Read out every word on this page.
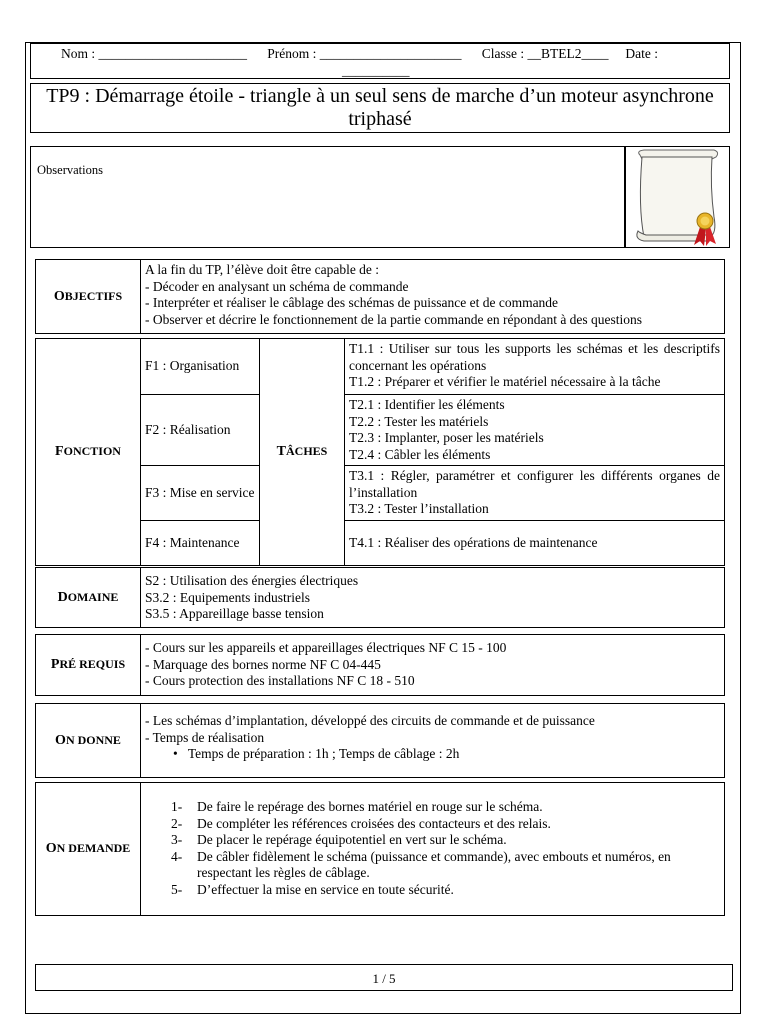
Nom : ______________________ Prénom : _____________________ Classe : __BTEL2____ Date :
__________
TP9 : Démarrage étoile - triangle à un seul sens de marche d’un moteur asynchrone triphasé
Observations
OBJECTIFS	
A la fin du TP, l’élève doit être capable de :
- Décoder en analysant un schéma de commande
- Interpréter et réaliser le câblage des schémas de puissance et de commande
- Observer et décrire le fonctionnement de la partie commande en répondant à des questions
FONCTION	F1 : Organisation	TÂCHES	T1.1 : Utiliser sur tous les supports les schémas et les descriptifs concernant les opérations
T1.2 : Préparer et vérifier le matériel nécessaire à la tâche

	F2 : Réalisation		T2.1 : Identifier les éléments
T2.2 : Tester les matériels
T2.3 : Implanter, poser les matériels
T2.4 : Câbler les éléments

	F3 : Mise en service		T3.1 : Régler, paramétrer et configurer les différents organes de l’installation
T3.2 : Tester l’installation

	F4 : Maintenance		T4.1 : Réaliser des opérations de maintenance
DOMAINE	
S2 : Utilisation des énergies électriques
S3.2 : Equipements industriels
S3.5 : Appareillage basse tension
PRÉ REQUIS	
- Cours sur les appareils et appareillages électriques NF C 15 - 100
- Marquage des bornes norme NF C 04-445
- Cours protection des installations NF C 18 - 510
ON DONNE	
- Les schémas d’implantation, développé des circuits de commande et de puissance
- Temps de réalisation
• Temps de préparation : 1h ; Temps de câblage : 2h
ON DEMANDE	
1-	De faire le repérage des bornes matériel en rouge sur le schéma.
2-	De compléter les références croisées des contacteurs et des relais.
3-	De placer le repérage équipotentiel en vert sur le schéma.
4-	De câbler fidèlement le schéma (puissance et commande), avec embouts et numéros, en respectant les règles de câblage.
5-	D’effectuer la mise en service en toute sécurité.
1 / 5
